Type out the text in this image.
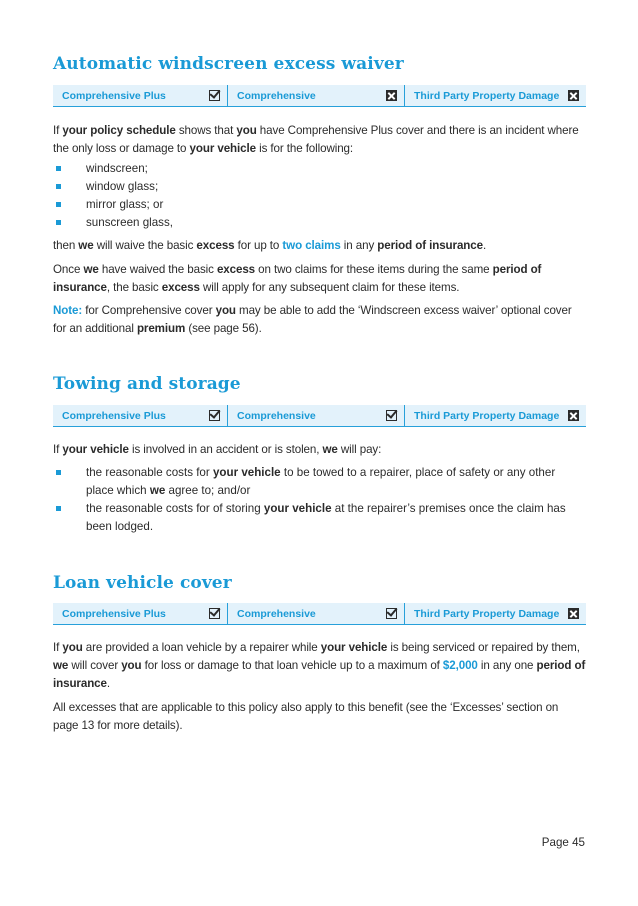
Automatic windscreen excess waiver
Comprehensive Plus	Comprehensive	Third Party Property Damage

If your policy schedule shows that you have Comprehensive Plus cover and there is an incident where the only loss or damage to your vehicle is for the following:

windscreen;
window glass;
mirror glass; or
sunscreen glass,

then we will waive the basic excess for up to two claims in any period of insurance.

Once we have waived the basic excess on two claims for these items during the same period of insurance, the basic excess will apply for any subsequent claim for these items.

Note: for Comprehensive cover you may be able to add the ‘Windscreen excess waiver’ optional cover for an additional premium (see page 56).

Towing and storage
Comprehensive Plus	Comprehensive	Third Party Property Damage

If your vehicle is involved in an accident or is stolen, we will pay:

the reasonable costs for your vehicle to be towed to a repairer, place of safety or any other place which we agree to; and/or
the reasonable costs for of storing your vehicle at the repairer’s premises once the claim has been lodged.
Loan vehicle cover
Comprehensive Plus	Comprehensive	Third Party Property Damage

If you are provided a loan vehicle by a repairer while your vehicle is being serviced or repaired by them, we will cover you for loss or damage to that loan vehicle up to a maximum of $2,000 in any one period of insurance.

All excesses that are applicable to this policy also apply to this benefit (see the ‘Excesses’ section on page 13 for more details).

Page 45
